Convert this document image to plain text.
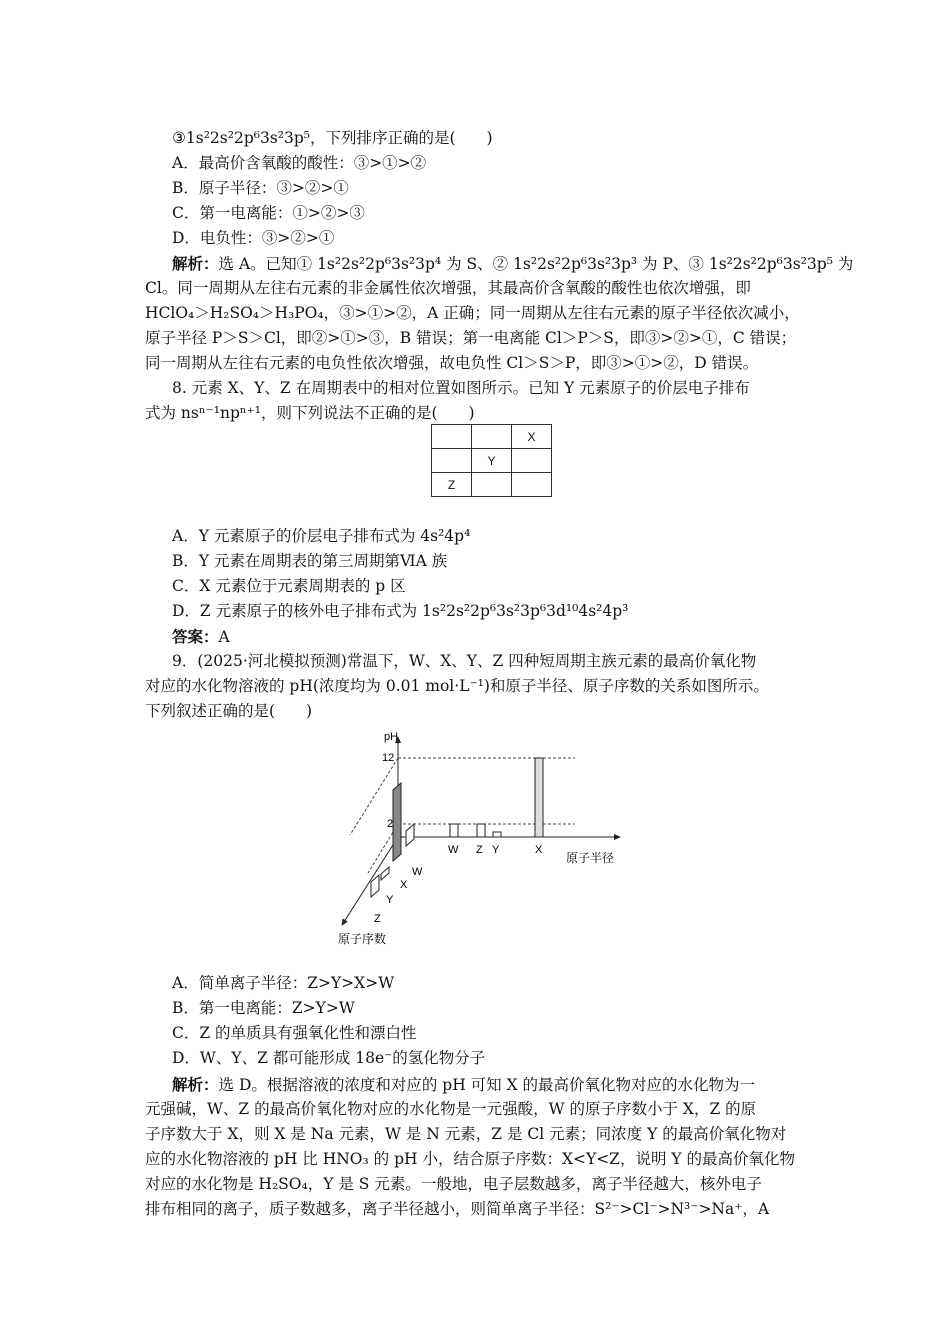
③1s²2s²2p⁶3s²3p⁵，下列排序正确的是(　　)
A．最高价含氧酸的酸性：③>①>②
B．原子半径：③>②>①
C．第一电离能：①>②>③
D．电负性：③>②>①
解析：选 A。已知① 1s²2s²2p⁶3s²3p⁴ 为 S、② 1s²2s²2p⁶3s²3p³ 为 P、③ 1s²2s²2p⁶3s²3p⁵ 为
Cl。同一周期从左往右元素的非金属性依次增强，其最高价含氧酸的酸性也依次增强，即
HClO₄＞H₂SO₄＞H₃PO₄，③>①>②，A 正确；同一周期从左往右元素的原子半径依次减小，
原子半径 P＞S＞Cl，即②>①>③，B 错误；第一电离能 Cl＞P＞S，即③>②>①，C 错误；
同一周期从左往右元素的电负性依次增强，故电负性 Cl＞S＞P，即③>①>②，D 错误。
8. 元素 X、Y、Z 在周期表中的相对位置如图所示。已知 Y 元素原子的价层电子排布
式为 nsⁿ⁻¹npⁿ⁺¹，则下列说法不正确的是(　　)
		X
	Y	
Z		
A．Y 元素原子的价层电子排布式为 4s²4p⁴
B．Y 元素在周期表的第三周期第ⅥA 族
C．X 元素位于元素周期表的 p 区
D．Z 元素原子的核外电子排布式为 1s²2s²2p⁶3s²3p⁶3d¹⁰4s²4p³
答案：A
9．(2025·河北模拟预测)常温下，W、X、Y、Z 四种短周期主族元素的最高价氧化物
对应的水化物溶液的 pH(浓度均为 0.01 mol·L⁻¹)和原子半径、原子序数的关系如图所示。
下列叙述正确的是(　　)
pH
原子半径
原子序数
12
2
W Z Y	X
W
X
Y
Z
A．简单离子半径：Z>Y>X>W
B．第一电离能：Z>Y>W
C．Z 的单质具有强氧化性和漂白性
D．W、Y、Z 都可能形成 18e⁻的氢化物分子
解析：选 D。根据溶液的浓度和对应的 pH 可知 X 的最高价氧化物对应的水化物为一
元强碱，W、Z 的最高价氧化物对应的水化物是一元强酸，W 的原子序数小于 X，Z 的原
子序数大于 X，则 X 是 Na 元素，W 是 N 元素，Z 是 Cl 元素；同浓度 Y 的最高价氧化物对
应的水化物溶液的 pH 比 HNO₃ 的 pH 小，结合原子序数：X<Y<Z，说明 Y 的最高价氧化物
对应的水化物是 H₂SO₄，Y 是 S 元素。一般地，电子层数越多，离子半径越大，核外电子
排布相同的离子，质子数越多，离子半径越小，则简单离子半径：S²⁻>Cl⁻>N³⁻>Na⁺，A
